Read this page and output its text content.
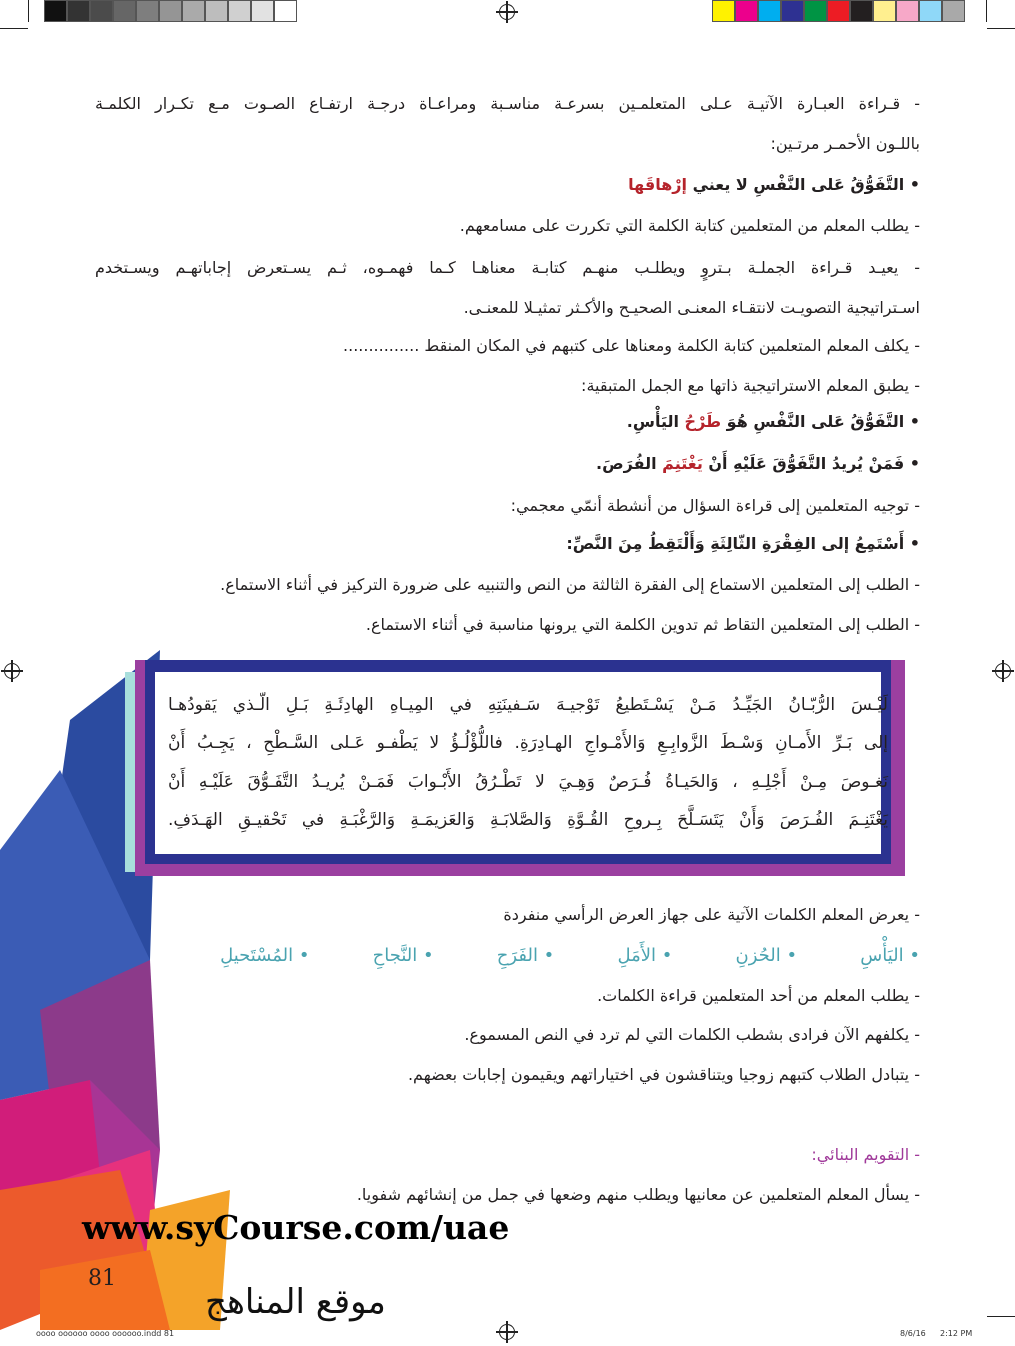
- قـراءة العبـارة الآتيـة عـلى المتعلمـين بسرعـة مناسـبة ومراعـاة درجـة ارتفـاع الصـوت مـع تكـرار الكلمـة
باللـون الأحمـر مرتـين:
• التَّفَوُّقُ عَلى النَّفْسِ لا يعني إرْهاقَها
- يطلب المعلم من المتعلمين كتابة الكلمة التي تكررت على مسامعهم.
- يعيـد قـراءة الجملـة بـتروٍ ويطلـب منهـم كتابـة معناهـا كـما فهمـوه، ثـم يسـتعرض إجاباتهـم ويسـتخدم
اسـتراتيجية التصويـت لانتقـاء المعنـى الصحيـح والأكـثر تمثيـلا للمعنـى.
- يكلف المعلم المتعلمين كتابة الكلمة ومعناها على كتبهم في المكان المنقط ...............
- يطبق المعلم الاستراتيجية ذاتها مع الجمل المتبقية:
• التَّفَوُّقُ عَلى النَّفْسِ هُوَ طَرْحُ اليَأْسِ.
• فَمَنْ يُريدُ التَّفَوُّقَ عَلَيْهِ أَنْ يَغْتَنِمَ الفُرَصَ.
- توجيه المتعلمين إلى قراءة السؤال من أنشطة أنمّي معجمي:
• أَسْتَمِعُ إلى الفِقْرَةِ الثّالِثَةِ وَأَلْتَقِطُ مِنَ النَّصِّ:
- الطلب إلى المتعلمين الاستماع إلى الفقرة الثالثة من النص والتنبيه على ضرورة التركيز في أثناء الاستماع.
- الطلب إلى المتعلمين التقاط ثم تدوين الكلمة التي يرونها مناسبة في أثناء الاستماع.
لَيْـسَ الرُّبّـانُ الجَيِّـدُ مَـنْ يَسْـتَطيعُ تَوْجيـهَ سَـفينَتِهِ في المِيـاهِ الهادِئَـةِ بَـلِ الّـذي يَقودُهـا
إلى بَـرِّ الأَمـانِ وَسْـطَ الزَّوابِـعِ وَالأَمْـواجِ الهـادِرَةِ. فاللُّؤْلُـؤُ لا يَطْفـو عَـلى السَّـطْحِ ، يَجِـبُ أَنْ
نَغـوصَ مِـنْ أَجْلِـهِ ، وَالحَيـاةُ فُـرَصٌ وَهِـيَ لا تَطْـرُقُ الأَبْـوابَ فَمَـنْ يُريـدُ التَّفَـوُّقَ عَلَيْـهِ أَنْ
يَغْتَنِـمَ الفُـرَصَ وَأَنْ يَتَسَـلَّحَ بِـروحِ القُـوَّةِ وَالصَّلابَـةِ وَالعَزيمَـةِ وَالرَّغْبَـةِ في تَحْقيـقِ الهَـدَفِ.
- يعرض المعلم الكلمات الآتية على جهاز العرض الرأسي منفردة
• اليَأْسِ
• الحُزنِ
• الأَمَلِ
• الفَرَحِ
• النَّجاحِ
• المُسْتَحيلِ
- يطلب المعلم من أحد المتعلمين قراءة الكلمات.
- يكلفهم الآن فرادى بشطب الكلمات التي لم ترد في النص المسموع.
- يتبادل الطلاب كتبهم زوجيا ويتناقشون في اختياراتهم ويقيمون إجابات بعضهم.
- التقويم البنائي:
- يسأل المعلم المتعلمين عن معانيها ويطلب منهم وضعها في جمل من إنشائهم شفويا.
www.syCourse.com/uae
موقع المناهج
81
oooo oooooo oooo oooooo.indd 81	8/6/16 2:12 PM
